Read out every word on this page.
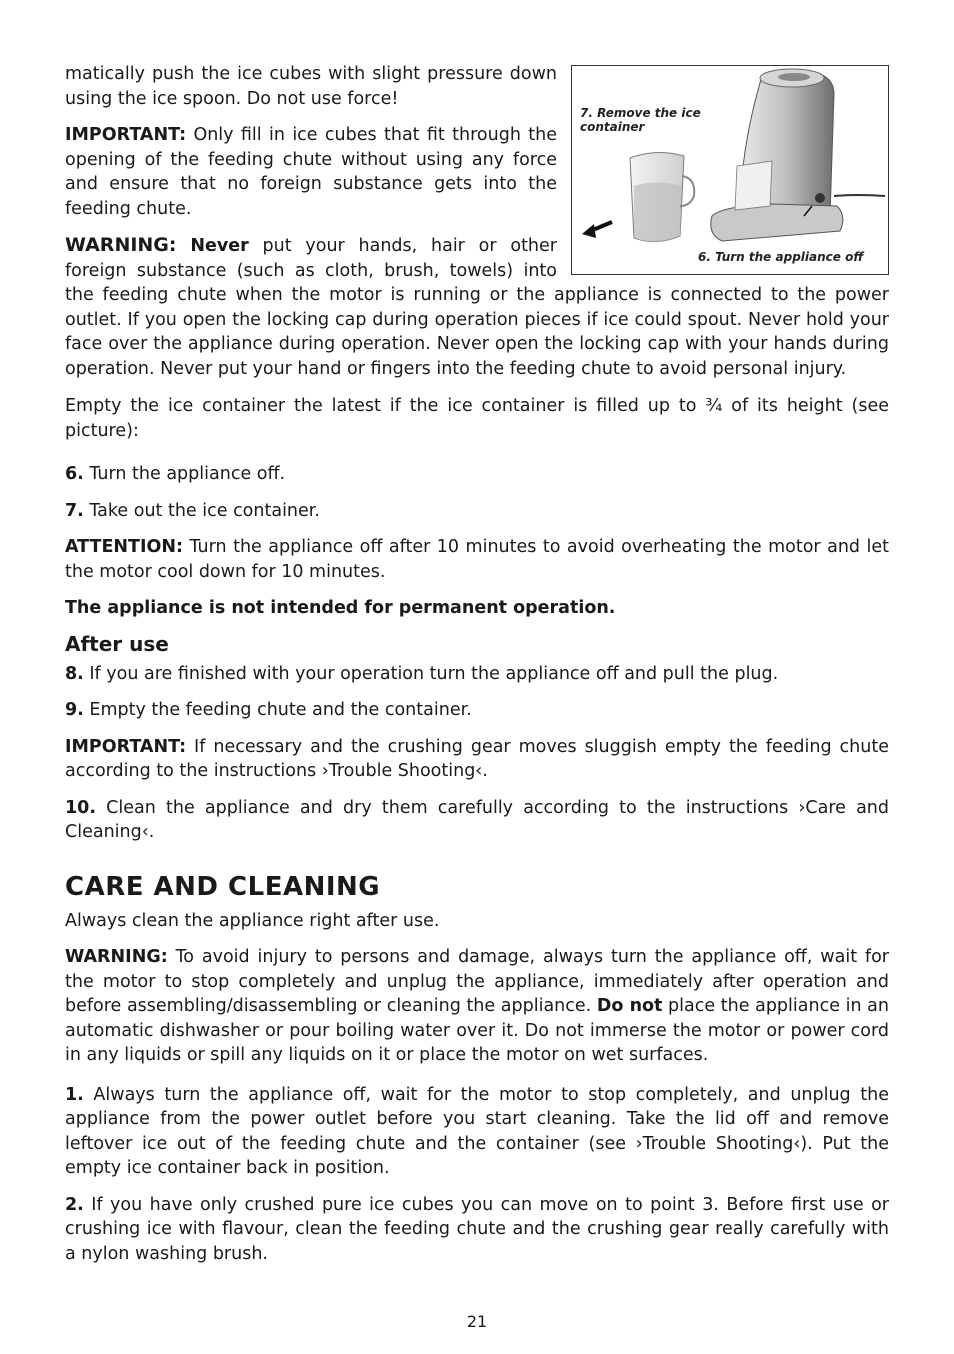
7. Remove the ice container
6. Turn the appliance off

matically push the ice cubes with slight pressure down using the ice spoon. Do not use force!

IMPORTANT: Only fill in ice cubes that fit through the opening of the feeding chute without using any force and ensure that no foreign substance gets into the feeding chute.

WARNING: Never put your hands, hair or other foreign substance (such as cloth, brush, towels) into the feeding chute when the motor is running or the appliance is connected to the power outlet. If you open the locking cap during operation pieces if ice could spout. Never hold your face over the appliance during operation. Never open the locking cap with your hands during operation. Never put your hand or fingers into the feeding chute to avoid personal injury.

Empty the ice container the latest if the ice container is filled up to ¾ of its height (see picture):

6. Turn the appliance off.

7. Take out the ice container.

ATTENTION: Turn the appliance off after 10 minutes to avoid overheating the motor and let the motor cool down for 10 minutes.

The appliance is not intended for permanent operation.

After use

8. If you are finished with your operation turn the appliance off and pull the plug.

9. Empty the feeding chute and the container.

IMPORTANT: If necessary and the crushing gear moves sluggish empty the feeding chute according to the instructions ›Trouble Shooting‹.

10. Clean the appliance and dry them carefully according to the instructions ›Care and Cleaning‹.

CARE AND CLEANING

Always clean the appliance right after use.

WARNING: To avoid injury to persons and damage, always turn the appliance off, wait for the motor to stop completely and unplug the appliance, immediately after operation and before assembling/disassembling or cleaning the appliance. Do not place the appliance in an automatic dishwasher or pour boiling water over it. Do not immerse the motor or power cord in any liquids or spill any liquids on it or place the motor on wet surfaces.

1. Always turn the appliance off, wait for the motor to stop completely, and unplug the appliance from the power outlet before you start cleaning. Take the lid off and remove leftover ice out of the feeding chute and the container (see ›Trouble Shooting‹). Put the empty ice container back in position.

2. If you have only crushed pure ice cubes you can move on to point 3. Before first use or crushing ice with flavour, clean the feeding chute and the crushing gear really carefully with a nylon washing brush.

21
